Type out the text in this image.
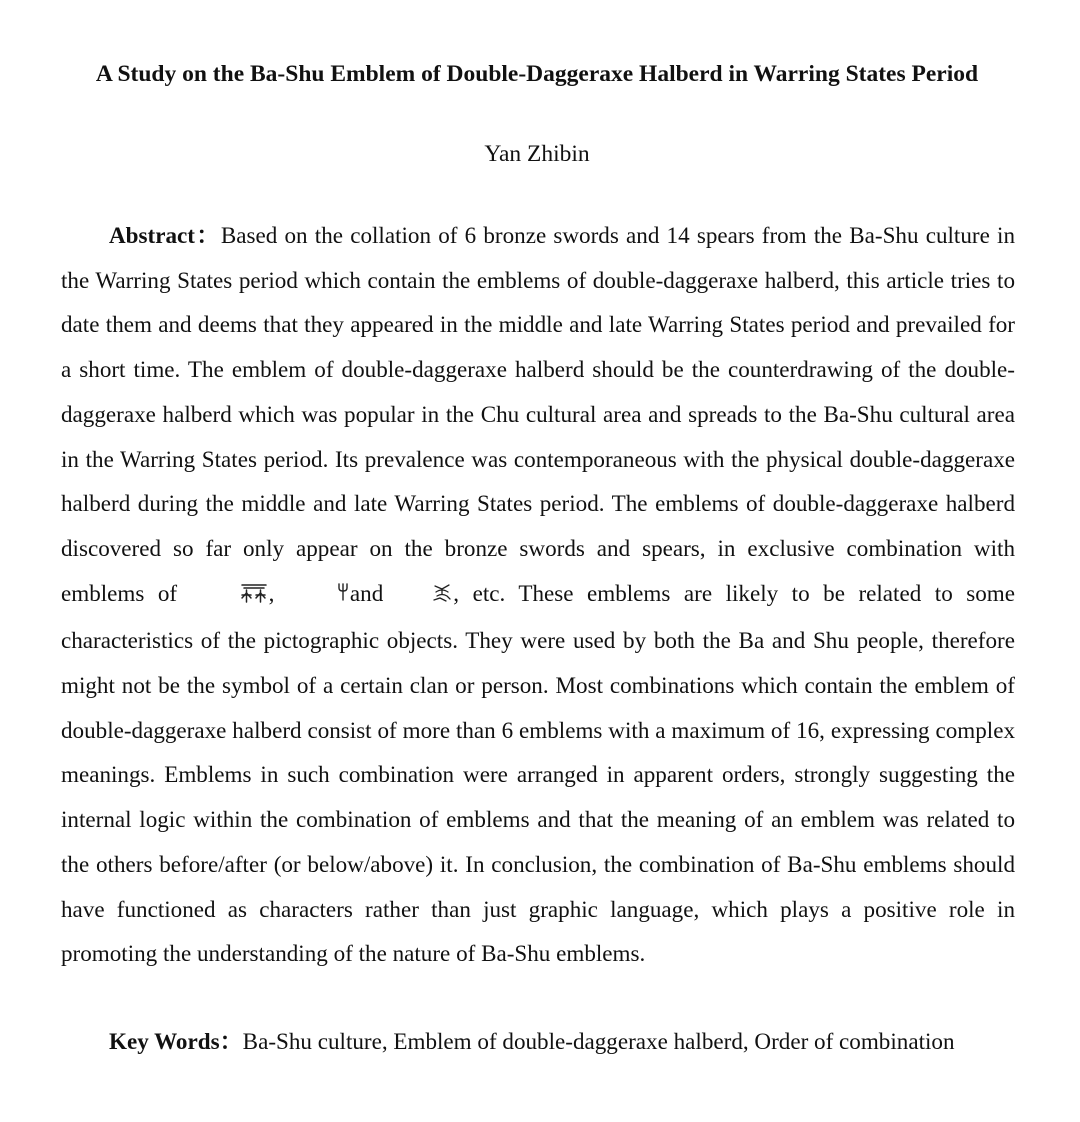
A Study on the Ba-Shu Emblem of Double-Daggeraxe Halberd in Warring States Period
Yan Zhibin

Abstract：Based on the collation of 6 bronze swords and 14 spears from the Ba-Shu culture in the Warring States period which contain the emblems of double-daggeraxe halberd, this article tries to date them and deems that they appeared in the middle and late Warring States period and prevailed for a short time. The emblem of double-daggeraxe halberd should be the counterdrawing of the double-daggeraxe halberd which was popular in the Chu cultural area and spreads to the Ba-Shu cultural area in the Warring States period. Its prevalence was contemporaneous with the physical double-daggeraxe halberd during the middle and late Warring States period. The emblems of double-daggeraxe halberd discovered so far only appear on the bronze swords and spears, in exclusive combination with emblems of	,	and	, etc. These emblems are likely to be related to some characteristics of the pictographic objects. They were used by both the Ba and Shu people, therefore might not be the symbol of a certain clan or person. Most combinations which contain the emblem of double-daggeraxe halberd consist of more than 6 emblems with a maximum of 16, expressing complex meanings. Emblems in such combination were arranged in apparent orders, strongly suggesting the internal logic within the combination of emblems and that the meaning of an emblem was related to the others before/after (or below/above) it. In conclusion, the combination of Ba-Shu emblems should have functioned as characters rather than just graphic language, which plays a positive role in promoting the understanding of the nature of Ba-Shu emblems.

Key Words：Ba-Shu culture, Emblem of double-daggeraxe halberd, Order of combination
